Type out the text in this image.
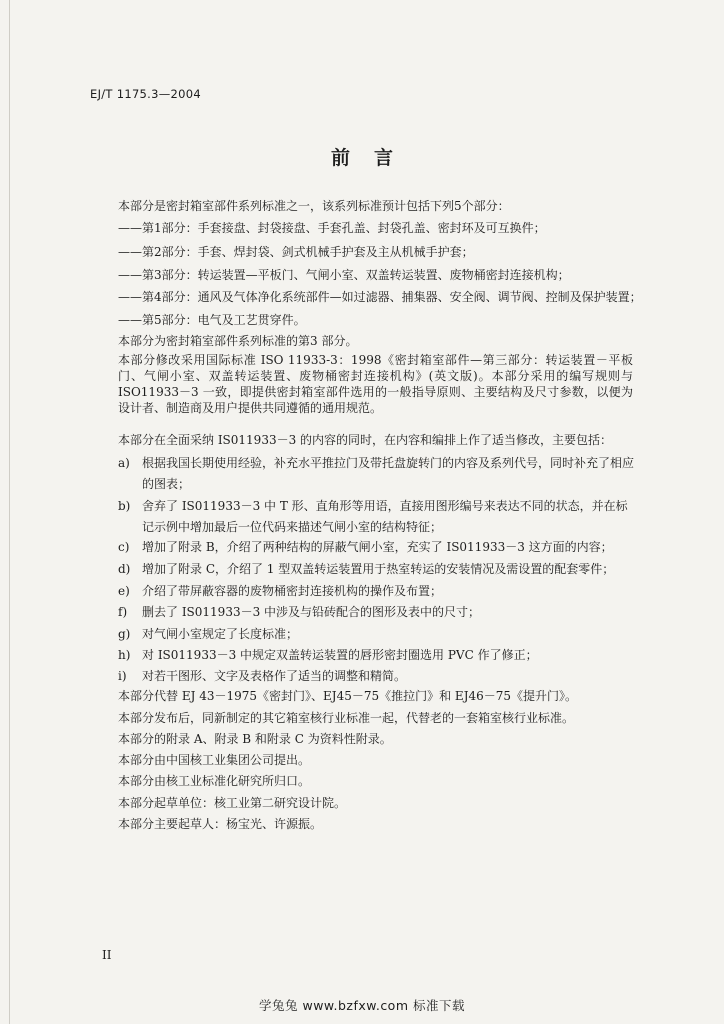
EJ/T 1175.3—2004
前言
本部分是密封箱室部件系列标准之一，该系列标准预计包括下列5个部分：
——第1部分：手套接盘、封袋接盘、手套孔盖、封袋孔盖、密封环及可互换件；
——第2部分：手套、焊封袋、剑式机械手护套及主从机械手护套；
——第3部分：转运装置—平板门、气闸小室、双盖转运装置、废物桶密封连接机构；
——第4部分：通风及气体净化系统部件—如过滤器、捕集器、安全阀、调节阀、控制及保护装置；
——第5部分：电气及工艺贯穿件。
本部分为密封箱室部件系列标准的第3 部分。
本部分修改采用国际标准 ISO 11933-3：1998《密封箱室部件—第三部分：转运装置－平板门、气闸小室、双盖转运装置、废物桶密封连接机构》(英文版)。本部分采用的编写规则与 ISO11933－3 一致，即提供密封箱室部件选用的一般指导原则、主要结构及尺寸参数，以便为设计者、制造商及用户提供共同遵循的通用规范。
本部分在全面采纳 IS011933－3 的内容的同时，在内容和编排上作了适当修改，主要包括：
a)	根据我国长期使用经验，补充水平推拉门及带托盘旋转门的内容及系列代号，同时补充了相应的图表；
b) 舍弃了 IS011933－3 中 T 形、直角形等用语，直接用图形编号来表达不同的状态，并在标记示例中增加最后一位代码来描述气闸小室的结构特征；
c)	增加了附录 B，介绍了两种结构的屏蔽气闸小室，充实了 IS011933－3 这方面的内容；
d) 增加了附录 C，介绍了 1 型双盖转运装置用于热室转运的安装情况及需设置的配套零件；
e)	介绍了带屏蔽容器的废物桶密封连接机构的操作及布置；
f)	删去了 IS011933－3 中涉及与铅砖配合的图形及表中的尺寸；
g) 对气闸小室规定了长度标准；
h) 对 IS011933－3 中规定双盖转运装置的唇形密封圈选用 PVC 作了修正；
i)	对若干图形、文字及表格作了适当的调整和精简。
本部分代替 EJ 43－1975《密封门》、EJ45－75《推拉门》和 EJ46－75《提升门》。
本部分发布后，同新制定的其它箱室核行业标准一起，代替老的一套箱室核行业标准。
本部分的附录 A、附录 B 和附录 C 为资料性附录。
本部分由中国核工业集团公司提出。
本部分由核工业标准化研究所归口。
本部分起草单位：核工业第二研究设计院。
本部分主要起草人：杨宝光、许源振。
II
学兔兔 www.bzfxw.com 标准下载
